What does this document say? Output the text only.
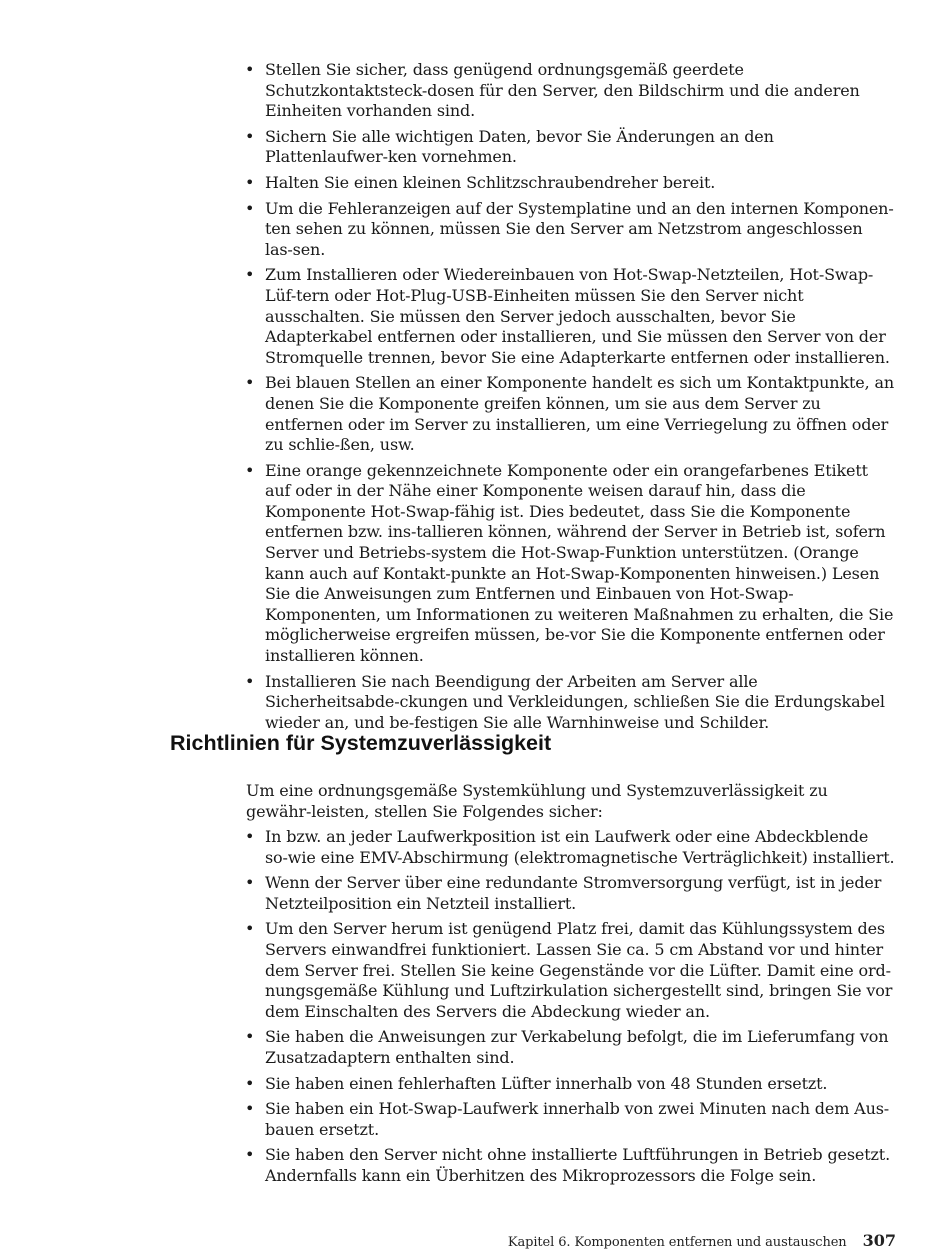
• Stellen Sie sicher, dass genügend ordnungsgemäß geerdete Schutzkontaktsteck-dosen für den Server, den Bildschirm und die anderen Einheiten vorhanden sind.
• Sichern Sie alle wichtigen Daten, bevor Sie Änderungen an den Plattenlaufwer-ken vornehmen.
• Halten Sie einen kleinen Schlitzschraubendreher bereit.
• Um die Fehleranzeigen auf der Systemplatine und an den internen Komponen-ten sehen zu können, müssen Sie den Server am Netzstrom angeschlossen las-sen.
• Zum Installieren oder Wiedereinbauen von Hot-Swap-Netzteilen, Hot-Swap-Lüf-tern oder Hot-Plug-USB-Einheiten müssen Sie den Server nicht ausschalten. Sie müssen den Server jedoch ausschalten, bevor Sie Adapterkabel entfernen oder installieren, und Sie müssen den Server von der Stromquelle trennen, bevor Sie eine Adapterkarte entfernen oder installieren.
• Bei blauen Stellen an einer Komponente handelt es sich um Kontaktpunkte, an denen Sie die Komponente greifen können, um sie aus dem Server zu entfernen oder im Server zu installieren, um eine Verriegelung zu öffnen oder zu schlie-ßen, usw.
• Eine orange gekennzeichnete Komponente oder ein orangefarbenes Etikett auf oder in der Nähe einer Komponente weisen darauf hin, dass die Komponente Hot-Swap-fähig ist. Dies bedeutet, dass Sie die Komponente entfernen bzw. ins-tallieren können, während der Server in Betrieb ist, sofern Server und Betriebs-system die Hot-Swap-Funktion unterstützen. (Orange kann auch auf Kontakt-punkte an Hot-Swap-Komponenten hinweisen.) Lesen Sie die Anweisungen zum Entfernen und Einbauen von Hot-Swap-Komponenten, um Informationen zu weiteren Maßnahmen zu erhalten, die Sie möglicherweise ergreifen müssen, be-vor Sie die Komponente entfernen oder installieren können.
• Installieren Sie nach Beendigung der Arbeiten am Server alle Sicherheitsabde-ckungen und Verkleidungen, schließen Sie die Erdungskabel wieder an, und be-festigen Sie alle Warnhinweise und Schilder.
Richtlinien für Systemzuverlässigkeit

Um eine ordnungsgemäße Systemkühlung und Systemzuverlässigkeit zu gewähr-leisten, stellen Sie Folgendes sicher:

• In bzw. an jeder Laufwerkposition ist ein Laufwerk oder eine Abdeckblende so-wie eine EMV-Abschirmung (elektromagnetische Verträglichkeit) installiert.
• Wenn der Server über eine redundante Stromversorgung verfügt, ist in jeder Netzteilposition ein Netzteil installiert.
• Um den Server herum ist genügend Platz frei, damit das Kühlungssystem des Servers einwandfrei funktioniert. Lassen Sie ca. 5 cm Abstand vor und hinter dem Server frei. Stellen Sie keine Gegenstände vor die Lüfter. Damit eine ord-nungsgemäße Kühlung und Luftzirkulation sichergestellt sind, bringen Sie vor dem Einschalten des Servers die Abdeckung wieder an.
• Sie haben die Anweisungen zur Verkabelung befolgt, die im Lieferumfang von Zusatzadaptern enthalten sind.
• Sie haben einen fehlerhaften Lüfter innerhalb von 48 Stunden ersetzt.
• Sie haben ein Hot-Swap-Laufwerk innerhalb von zwei Minuten nach dem Aus-bauen ersetzt.
• Sie haben den Server nicht ohne installierte Luftführungen in Betrieb gesetzt. Andernfalls kann ein Überhitzen des Mikroprozessors die Folge sein.
Kapitel 6. Komponenten entfernen und austauschen 307
